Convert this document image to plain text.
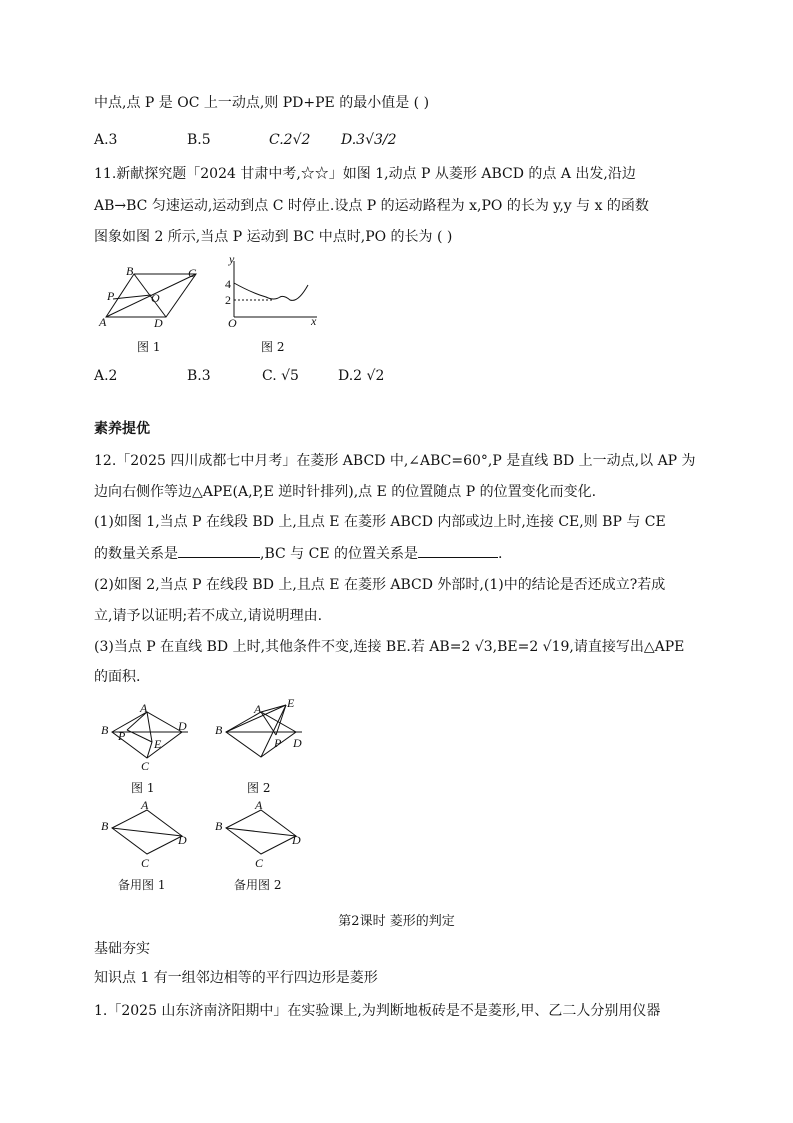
中点,点 P 是 OC 上一动点,则 PD+PE 的最小值是 ( )
A.3	B.5	C.2√2 D.3√3/2
11.新献探究题「2024 甘肃中考,☆☆」如图 1,动点 P 从菱形 ABCD 的点 A 出发,沿边
AB→BC 匀速运动,运动到点 C 时停止.设点 P 的运动路程为 x,PO 的长为 y,y 与 x 的函数
图象如图 2 所示,当点 P 运动到 BC 中点时,PO 的长为 ( )
B	C
P	O
A	D
图 1
y
4
2
O	x
图 2
A.2	B.3	C. √5	D.2 √2
素养提优
12.「2025 四川成都七中月考」在菱形 ABCD 中,∠ABC=60°,P 是直线 BD 上一动点,以 AP 为
边向右侧作等边△APE(A,P,E 逆时针排列),点 E 的位置随点 P 的位置变化而变化.
(1)如图 1,当点 P 在线段 BD 上,且点 E 在菱形 ABCD 内部或边上时,连接 CE,则 BP 与 CE
的数量关系是	,BC 与 CE 的位置关系是	.
(2)如图 2,当点 P 在线段 BD 上,且点 E 在菱形 ABCD 外部时,(1)中的结论是否还成立?若成
立,请予以证明;若不成立,请说明理由.
(3)当点 P 在直线 BD 上时,其他条件不变,连接 BE.若 AB=2 √3,BE=2 √19,请直接写出△APE
的面积.
A
B P
E
C
D
图 1
A E
B
P D
图 2
A
B
C
D
备用图 1
A
B
C
D
备用图 2
第2课时 菱形的判定
基础夯实
知识点 1 有一组邻边相等的平行四边形是菱形
1.「2025 山东济南济阳期中」在实验课上,为判断地板砖是不是菱形,甲、乙二人分别用仪器
